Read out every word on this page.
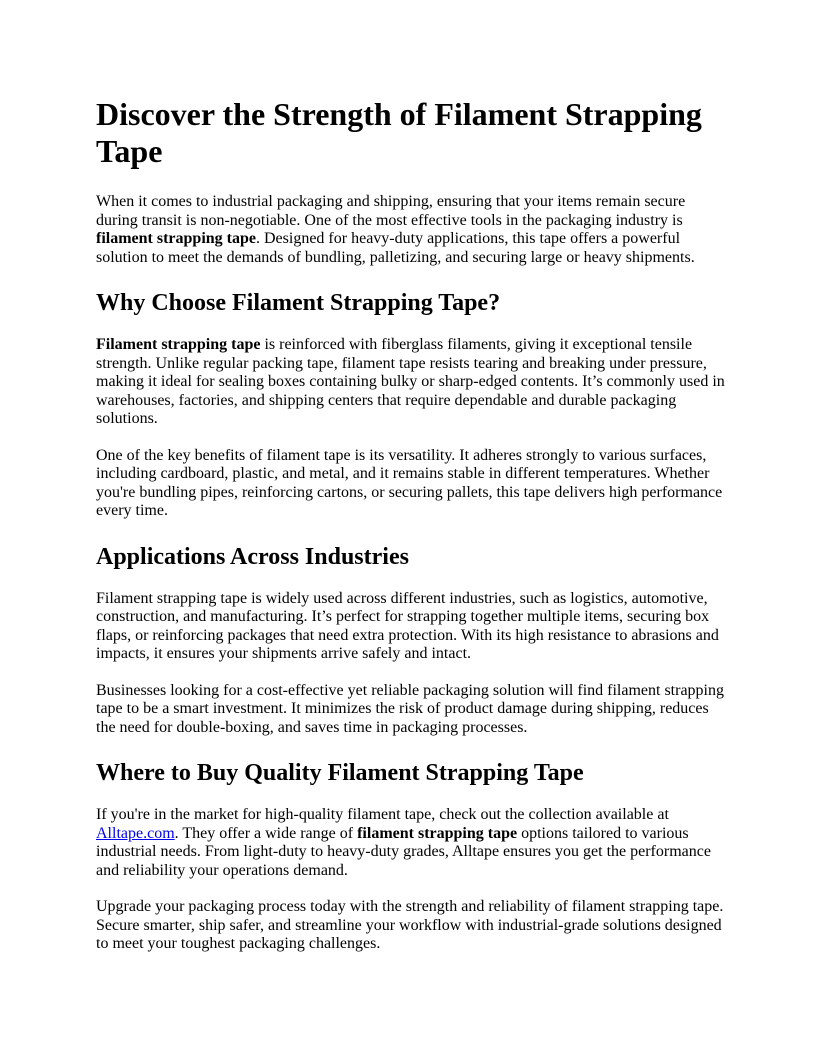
Discover the Strength of Filament Strapping Tape

When it comes to industrial packaging and shipping, ensuring that your items remain secure during transit is non-negotiable. One of the most effective tools in the packaging industry is filament strapping tape. Designed for heavy-duty applications, this tape offers a powerful solution to meet the demands of bundling, palletizing, and securing large or heavy shipments.

Why Choose Filament Strapping Tape?

Filament strapping tape is reinforced with fiberglass filaments, giving it exceptional tensile strength. Unlike regular packing tape, filament tape resists tearing and breaking under pressure, making it ideal for sealing boxes containing bulky or sharp-edged contents. It’s commonly used in warehouses, factories, and shipping centers that require dependable and durable packaging solutions.

One of the key benefits of filament tape is its versatility. It adheres strongly to various surfaces, including cardboard, plastic, and metal, and it remains stable in different temperatures. Whether you're bundling pipes, reinforcing cartons, or securing pallets, this tape delivers high performance every time.

Applications Across Industries

Filament strapping tape is widely used across different industries, such as logistics, automotive, construction, and manufacturing. It’s perfect for strapping together multiple items, securing box flaps, or reinforcing packages that need extra protection. With its high resistance to abrasions and impacts, it ensures your shipments arrive safely and intact.

Businesses looking for a cost-effective yet reliable packaging solution will find filament strapping tape to be a smart investment. It minimizes the risk of product damage during shipping, reduces the need for double-boxing, and saves time in packaging processes.

Where to Buy Quality Filament Strapping Tape

If you're in the market for high-quality filament tape, check out the collection available at Alltape.com. They offer a wide range of filament strapping tape options tailored to various industrial needs. From light-duty to heavy-duty grades, Alltape ensures you get the performance and reliability your operations demand.

Upgrade your packaging process today with the strength and reliability of filament strapping tape. Secure smarter, ship safer, and streamline your workflow with industrial-grade solutions designed to meet your toughest packaging challenges.
